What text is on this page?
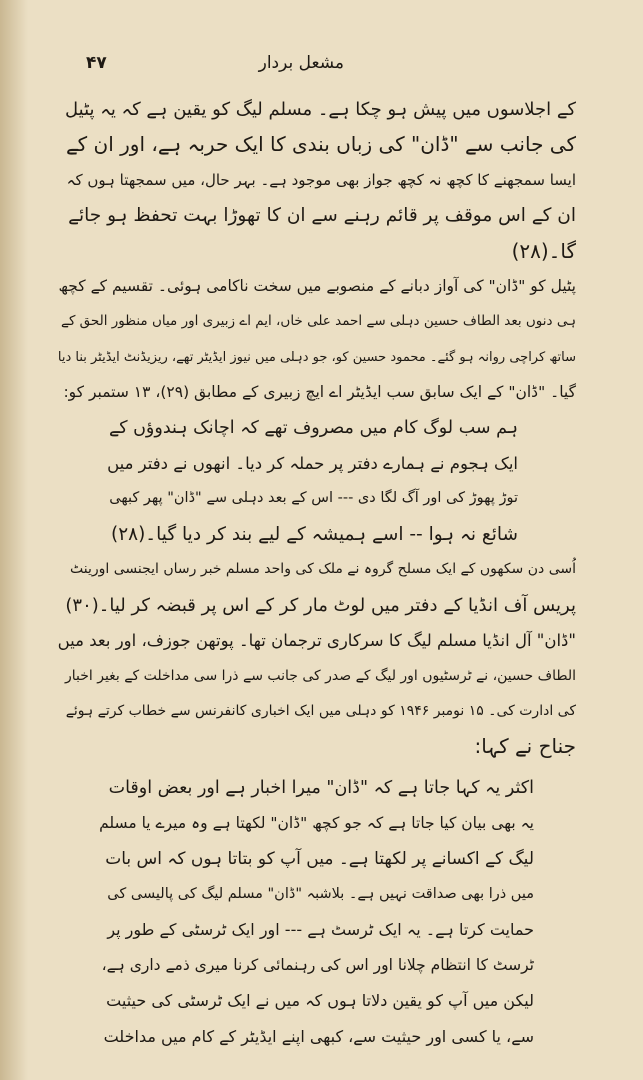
۴۷	مشعل بردار
کے اجلاسوں میں پیش ہو چکا ہے۔ مسلم لیگ کو یقین ہے کہ یہ پٹیل
کی جانب سے "ڈان" کی زباں بندی کا ایک حربہ ہے، اور ان کے
ایسا سمجھنے کا کچھ نہ کچھ جواز بھی موجود ہے۔ بہر حال، میں سمجھتا ہوں کہ
ان کے اس موقف پر قائم رہنے سے ان کا تھوڑا بہت تحفظ ہو جائے
گا۔(۲۸)
پٹیل کو "ڈان" کی آواز دبانے کے منصوبے میں سخت ناکامی ہوئی۔ تقسیم کے کچھ
ہی دنوں بعد الطاف حسین دہلی سے احمد علی خاں، ایم اے زبیری اور میاں منظور الحق کے
ساتھ کراچی روانہ ہو گئے۔ محمود حسین کو، جو دہلی میں نیوز ایڈیٹر تھے، ریزیڈنٹ ایڈیٹر بنا دیا
گیا۔ "ڈان" کے ایک سابق سب ایڈیٹر اے ایچ زبیری کے مطابق (۲۹)، ۱۳ ستمبر کو:
ہم سب لوگ کام میں مصروف تھے کہ اچانک ہندوؤں کے
ایک ہجوم نے ہمارے دفتر پر حملہ کر دیا۔ انھوں نے دفتر میں
توڑ پھوڑ کی اور آگ لگا دی --- اس کے بعد دہلی سے "ڈان" پھر کبھی
شائع نہ ہوا -- اسے ہمیشہ کے لیے بند کر دیا گیا۔(۲۸)
اُسی دن سکھوں کے ایک مسلح گروہ نے ملک کی واحد مسلم خبر رساں ایجنسی اورینٹ
پریس آف انڈیا کے دفتر میں لوٹ مار کر کے اس پر قبضہ کر لیا۔(۳۰)
"ڈان" آل انڈیا مسلم لیگ کا سرکاری ترجمان تھا۔ پوتھن جوزف، اور بعد میں
الطاف حسین، نے ٹرسٹیوں اور لیگ کے صدر کی جانب سے ذرا سی مداخلت کے بغیر اخبار
کی ادارت کی۔ ۱۵ نومبر ۱۹۴۶ کو دہلی میں ایک اخباری کانفرنس سے خطاب کرتے ہوئے
جناح نے کہا:
اکثر یہ کہا جاتا ہے کہ "ڈان" میرا اخبار ہے اور بعض اوقات
یہ بھی بیان کیا جاتا ہے کہ جو کچھ "ڈان" لکھتا ہے وہ میرے یا مسلم
لیگ کے اکسانے پر لکھتا ہے۔ میں آپ کو بتاتا ہوں کہ اس بات
میں ذرا بھی صداقت نہیں ہے۔ بلاشبہ "ڈان" مسلم لیگ کی پالیسی کی
حمایت کرتا ہے۔ یہ ایک ٹرسٹ ہے --- اور ایک ٹرسٹی کے طور پر
ٹرسٹ کا انتظام چلانا اور اس کی رہنمائی کرنا میری ذمے داری ہے،
لیکن میں آپ کو یقین دلاتا ہوں کہ میں نے ایک ٹرسٹی کی حیثیت
سے، یا کسی اور حیثیت سے، کبھی اپنے ایڈیٹر کے کام میں مداخلت
